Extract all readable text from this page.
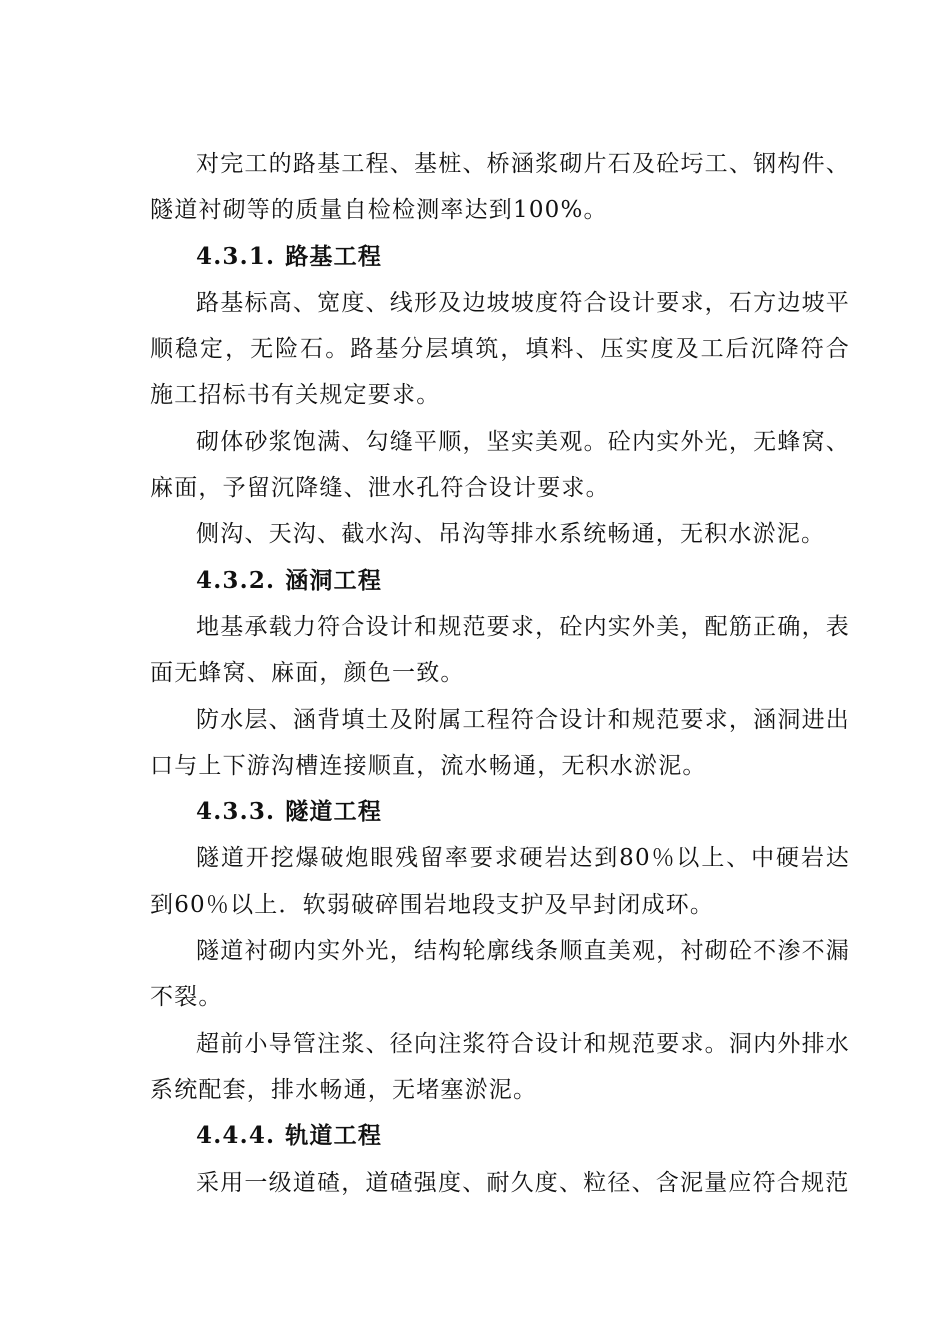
对完工的路基工程、基桩、桥涵浆砌片石及砼圬工、钢构件、隧道衬砌等的质量自检检测率达到100%。

4.3.1. 路基工程

路基标高、宽度、线形及边坡坡度符合设计要求，石方边坡平顺稳定，无险石。路基分层填筑，填料、压实度及工后沉降符合施工招标书有关规定要求。

砌体砂浆饱满、勾缝平顺，坚实美观。砼内实外光，无蜂窝、麻面，予留沉降缝、泄水孔符合设计要求。

侧沟、天沟、截水沟、吊沟等排水系统畅通，无积水淤泥。

4.3.2. 涵洞工程

地基承载力符合设计和规范要求，砼内实外美，配筋正确，表面无蜂窝、麻面，颜色一致。

防水层、涵背填土及附属工程符合设计和规范要求，涵洞进出口与上下游沟槽连接顺直，流水畅通，无积水淤泥。

4.3.3. 隧道工程

隧道开挖爆破炮眼残留率要求硬岩达到80％以上、中硬岩达到60％以上．软弱破碎围岩地段支护及早封闭成环。

隧道衬砌内实外光，结构轮廓线条顺直美观，衬砌砼不渗不漏不裂。

超前小导管注浆、径向注浆符合设计和规范要求。洞内外排水系统配套，排水畅通，无堵塞淤泥。

4.4.4. 轨道工程

采用一级道碴，道碴强度、耐久度、粒径、含泥量应符合规范
